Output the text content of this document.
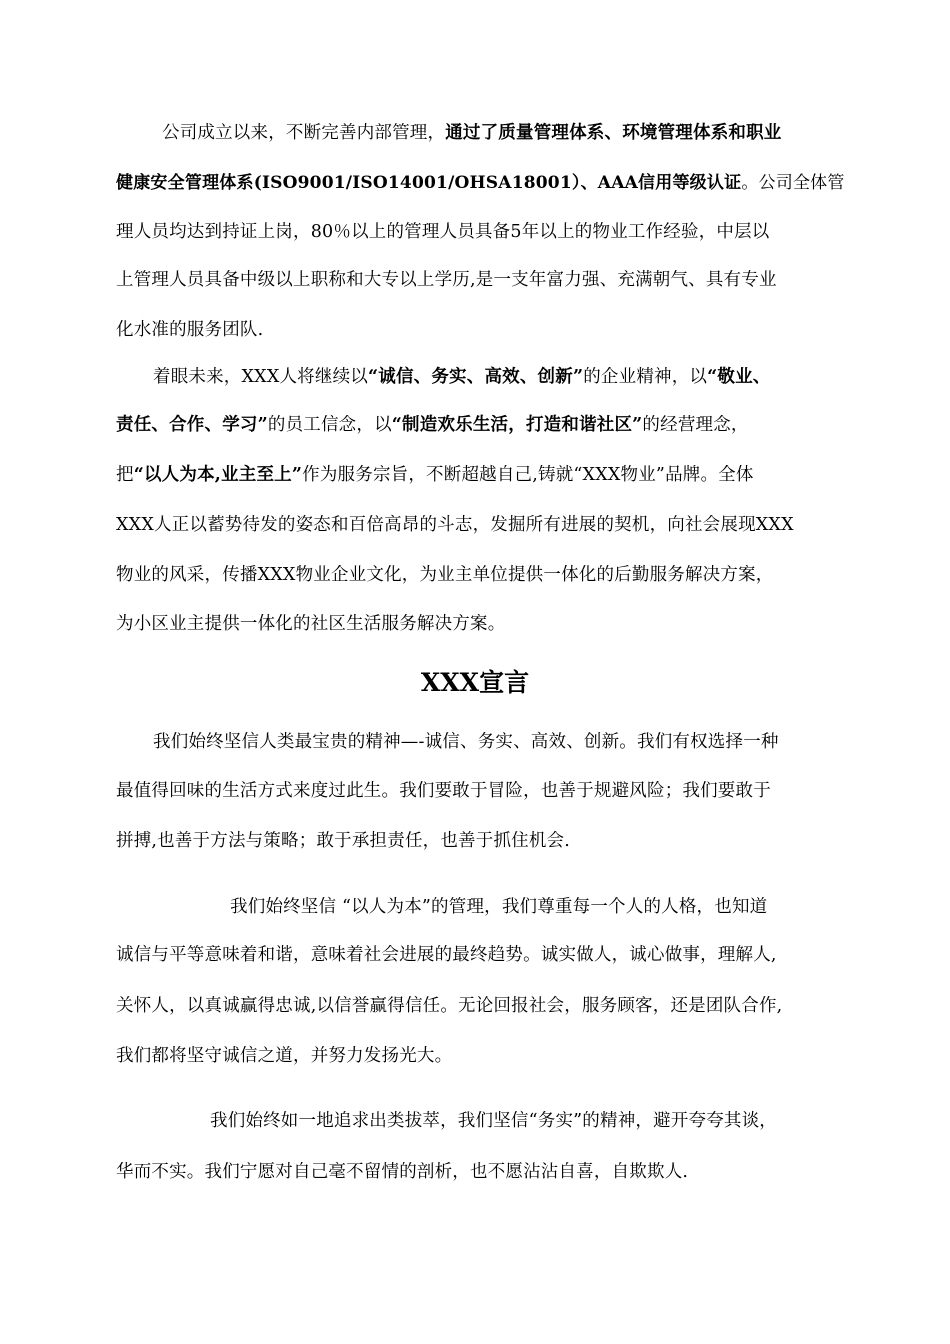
公司成立以来，不断完善内部管理，通过了质量管理体系、环境管理体系和职业
健康安全管理体系(ISO9001/ISO14001/OHSA18001）、AAA信用等级认证。公司全体管
理人员均达到持证上岗，80％以上的管理人员具备5年以上的物业工作经验，中层以
上管理人员具备中级以上职称和大专以上学历,是一支年富力强、充满朝气、具有专业
化水准的服务团队.
着眼未来，XXX人将继续以“诚信、务实、高效、创新”的企业精神，以“敬业、
责任、合作、学习”的员工信念，以“制造欢乐生活，打造和谐社区”的经营理念，
把“以人为本,业主至上”作为服务宗旨，不断超越自己,铸就“XXX物业”品牌。全体
XXX人正以蓄势待发的姿态和百倍高昂的斗志，发掘所有进展的契机，向社会展现XXX
物业的风采，传播XXX物业企业文化，为业主单位提供一体化的后勤服务解决方案，
为小区业主提供一体化的社区生活服务解决方案。
XXX宣言
我们始终坚信人类最宝贵的精神—-诚信、务实、高效、创新。我们有权选择一种
最值得回味的生活方式来度过此生。我们要敢于冒险，也善于规避风险；我们要敢于
拼搏,也善于方法与策略；敢于承担责任，也善于抓住机会.
我们始终坚信 “以人为本”的管理，我们尊重每一个人的人格，也知道
诚信与平等意味着和谐，意味着社会进展的最终趋势。诚实做人，诚心做事，理解人,
关怀人，以真诚赢得忠诚,以信誉赢得信任。无论回报社会，服务顾客，还是团队合作,
我们都将坚守诚信之道，并努力发扬光大。
我们始终如一地追求出类拔萃，我们坚信“务实”的精神，避开夸夸其谈，
华而不实。我们宁愿对自己毫不留情的剖析，也不愿沾沾自喜，自欺欺人.
